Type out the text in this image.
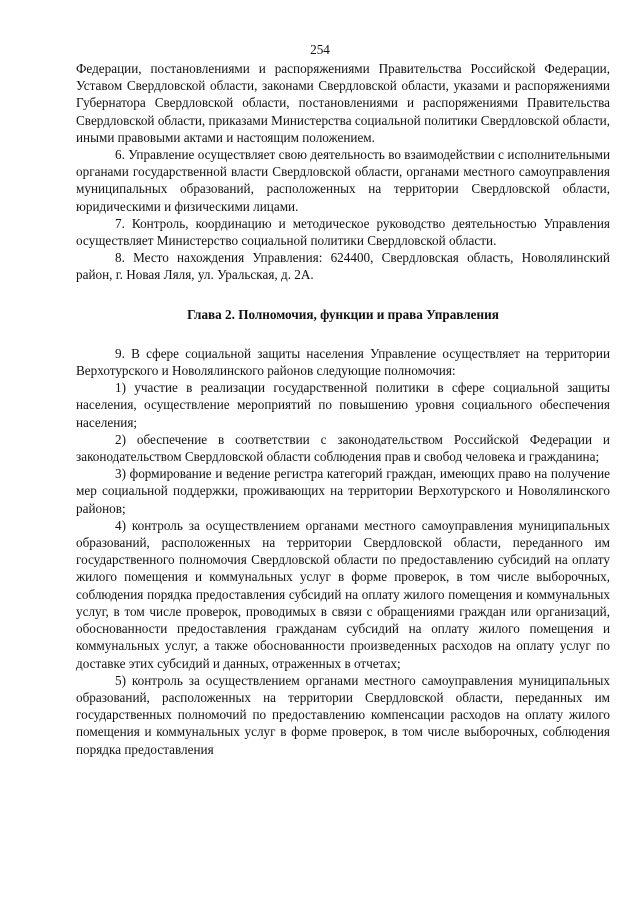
254

Федерации, постановлениями и распоряжениями Правительства Российской Федерации, Уставом Свердловской области, законами Свердловской области, указами и распоряжениями Губернатора Свердловской области, постановлениями и распоряжениями Правительства Свердловской области, приказами Министерства социальной политики Свердловской области, иными правовыми актами и настоящим положением.

6. Управление осуществляет свою деятельность во взаимодействии с исполнительными органами государственной власти Свердловской области, органами местного самоуправления муниципальных образований, расположенных на территории Свердловской области, юридическими и физическими лицами.

7. Контроль, координацию и методическое руководство деятельностью Управления осуществляет Министерство социальной политики Свердловской области.

8. Место нахождения Управления: 624400, Свердловская область, Новолялинский район, г. Новая Ляля, ул. Уральская, д. 2А.

Глава 2. Полномочия, функции и права Управления

9. В сфере социальной защиты населения Управление осуществляет на территории Верхотурского и Новолялинского районов следующие полномочия:

1) участие в реализации государственной политики в сфере социальной защиты населения, осуществление мероприятий по повышению уровня социального обеспечения населения;

2) обеспечение в соответствии с законодательством Российской Федерации и законодательством Свердловской области соблюдения прав и свобод человека и гражданина;

3) формирование и ведение регистра категорий граждан, имеющих право на получение мер социальной поддержки, проживающих на территории Верхотурского и Новолялинского районов;

4) контроль за осуществлением органами местного самоуправления муниципальных образований, расположенных на территории Свердловской области, переданного им государственного полномочия Свердловской области по предоставлению субсидий на оплату жилого помещения и коммунальных услуг в форме проверок, в том числе выборочных, соблюдения порядка предоставления субсидий на оплату жилого помещения и коммунальных услуг, в том числе проверок, проводимых в связи с обращениями граждан или организаций, обоснованности предоставления гражданам субсидий на оплату жилого помещения и коммунальных услуг, а также обоснованности произведенных расходов на оплату услуг по доставке этих субсидий и данных, отраженных в отчетах;

5) контроль за осуществлением органами местного самоуправления муниципальных образований, расположенных на территории Свердловской области, переданных им государственных полномочий по предоставлению компенсации расходов на оплату жилого помещения и коммунальных услуг в форме проверок, в том числе выборочных, соблюдения порядка предоставления
